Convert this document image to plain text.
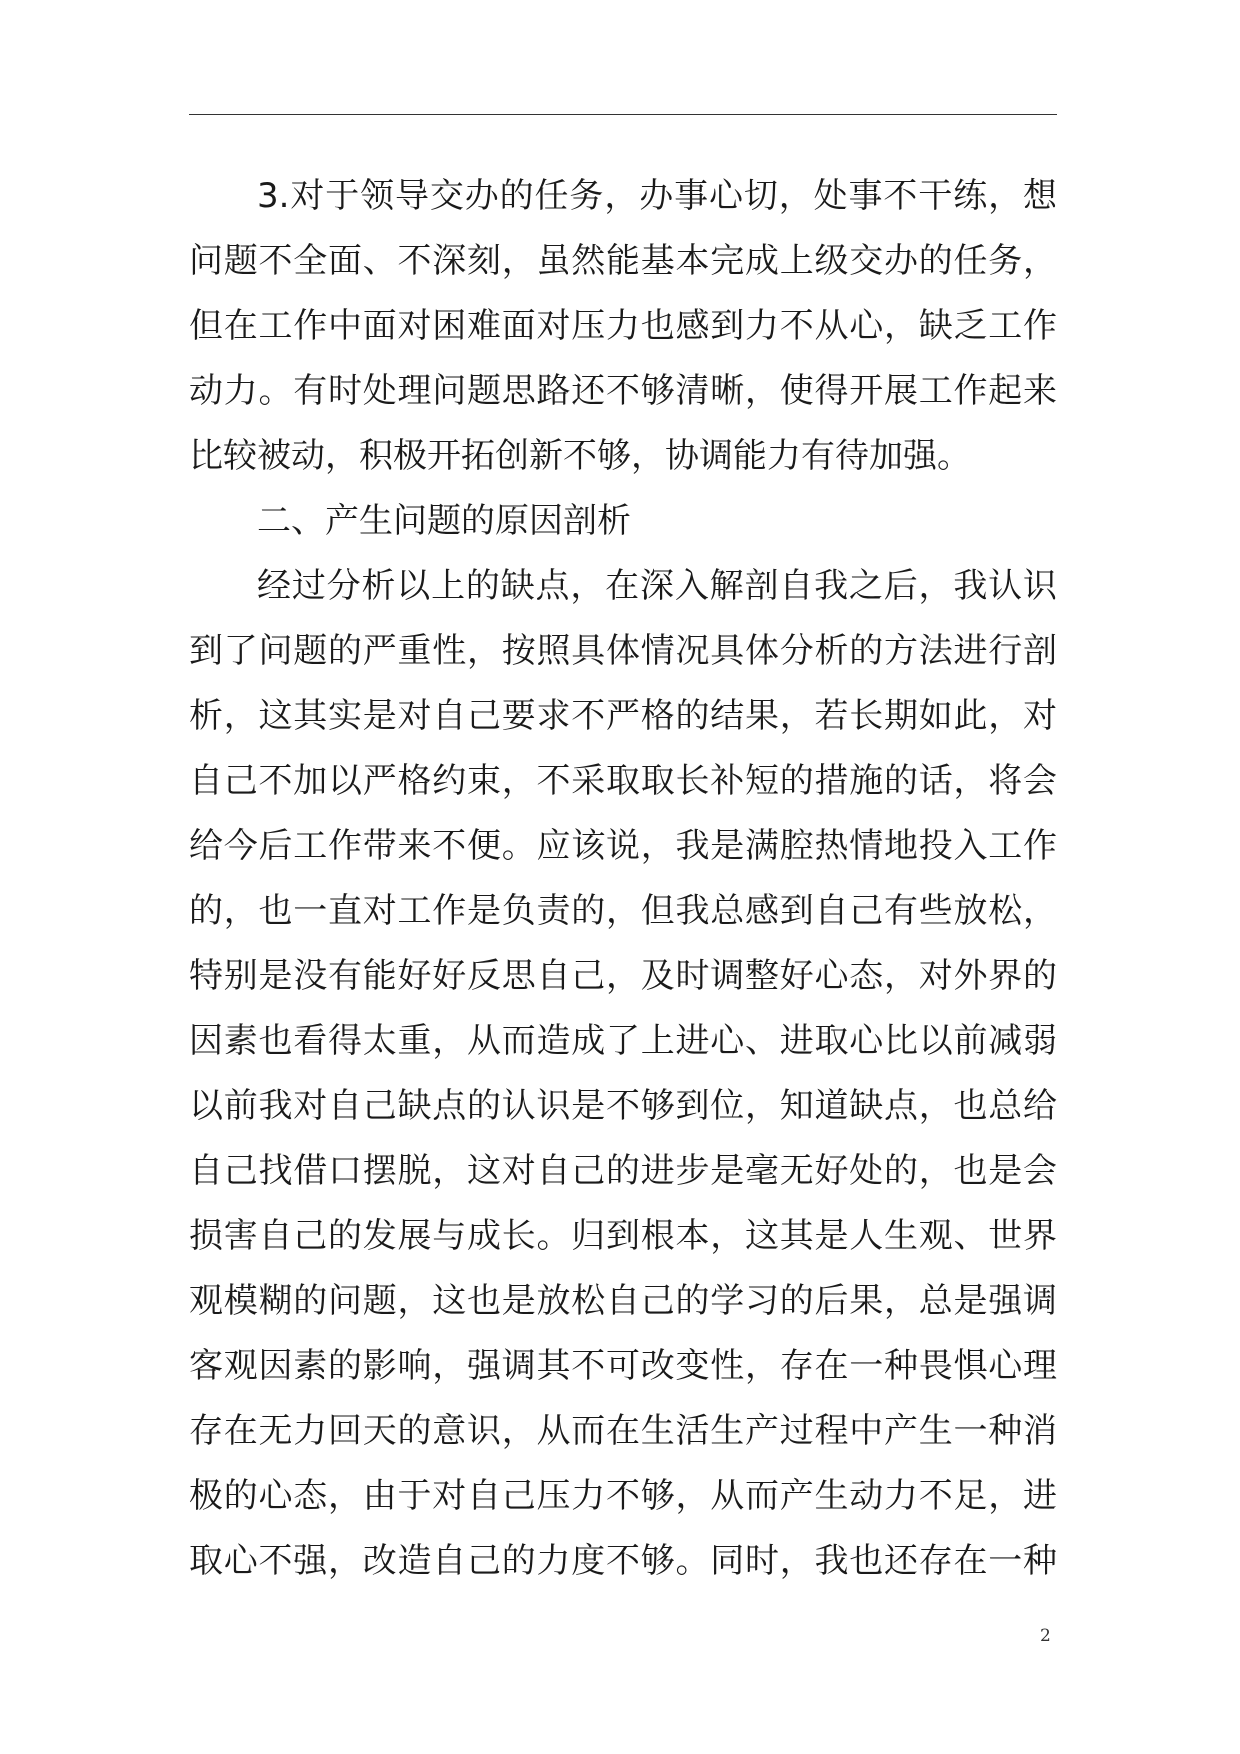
3.对于领导交办的任务，办事心切，处事不干练，想
问题不全面、不深刻，虽然能基本完成上级交办的任务，
但在工作中面对困难面对压力也感到力不从心，缺乏工作
动力。有时处理问题思路还不够清晰，使得开展工作起来
比较被动，积极开拓创新不够，协调能力有待加强。
二、产生问题的原因剖析
经过分析以上的缺点，在深入解剖自我之后，我认识
到了问题的严重性，按照具体情况具体分析的方法进行剖
析，这其实是对自己要求不严格的结果，若长期如此，对
自己不加以严格约束，不采取取长补短的措施的话，将会
给今后工作带来不便。应该说，我是满腔热情地投入工作
的，也一直对工作是负责的，但我总感到自己有些放松，
特别是没有能好好反思自己，及时调整好心态，对外界的
因素也看得太重，从而造成了上进心、进取心比以前减弱
以前我对自己缺点的认识是不够到位，知道缺点，也总给
自己找借口摆脱，这对自己的进步是毫无好处的，也是会
损害自己的发展与成长。归到根本，这其是人生观、世界
观模糊的问题，这也是放松自己的学习的后果，总是强调
客观因素的影响，强调其不可改变性，存在一种畏惧心理
存在无力回天的意识，从而在生活生产过程中产生一种消
极的心态，由于对自己压力不够，从而产生动力不足，进
取心不强，改造自己的力度不够。同时，我也还存在一种
2
